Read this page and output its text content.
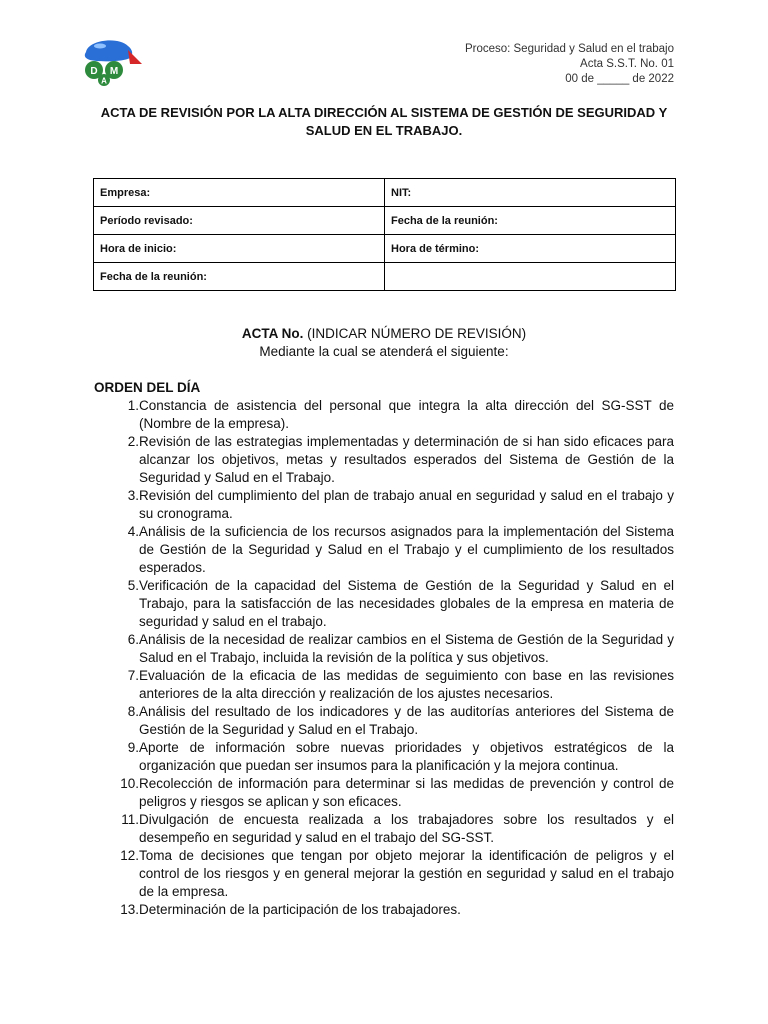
D M
A
Proceso: Seguridad y Salud en el trabajo
Acta S.S.T. No. 01
00 de _____ de 2022
ACTA DE REVISIÓN POR LA ALTA DIRECCIÓN AL SISTEMA DE GESTIÓN DE SEGURIDAD Y SALUD EN EL TRABAJO.
Empresa:	NIT:
Período revisado:	Fecha de la reunión:
Hora de inicio:	Hora de término:
Fecha de la reunión:	
ACTA No. (INDICAR NÚMERO DE REVISIÓN)
Mediante la cual se atenderá el siguiente:
ORDEN DEL DÍA
1. Constancia de asistencia del personal que integra la alta dirección del SG-SST de (Nombre de la empresa).
2. Revisión de las estrategias implementadas y determinación de si han sido eficaces para alcanzar los objetivos, metas y resultados esperados del Sistema de Gestión de la Seguridad y Salud en el Trabajo.
3. Revisión del cumplimiento del plan de trabajo anual en seguridad y salud en el trabajo y su cronograma.
4. Análisis de la suficiencia de los recursos asignados para la implementación del Sistema de Gestión de la Seguridad y Salud en el Trabajo y el cumplimiento de los resultados esperados.
5. Verificación de la capacidad del Sistema de Gestión de la Seguridad y Salud en el Trabajo, para la satisfacción de las necesidades globales de la empresa en materia de seguridad y salud en el trabajo.
6. Análisis de la necesidad de realizar cambios en el Sistema de Gestión de la Seguridad y Salud en el Trabajo, incluida la revisión de la política y sus objetivos.
7. Evaluación de la eficacia de las medidas de seguimiento con base en las revisiones anteriores de la alta dirección y realización de los ajustes necesarios.
8. Análisis del resultado de los indicadores y de las auditorías anteriores del Sistema de Gestión de la Seguridad y Salud en el Trabajo.
9. Aporte de información sobre nuevas prioridades y objetivos estratégicos de la organización que puedan ser insumos para la planificación y la mejora continua.
10. Recolección de información para determinar si las medidas de prevención y control de peligros y riesgos se aplican y son eficaces.
11. Divulgación de encuesta realizada a los trabajadores sobre los resultados y el desempeño en seguridad y salud en el trabajo del SG-SST.
12. Toma de decisiones que tengan por objeto mejorar la identificación de peligros y el control de los riesgos y en general mejorar la gestión en seguridad y salud en el trabajo de la empresa.
13. Determinación de la participación de los trabajadores.
